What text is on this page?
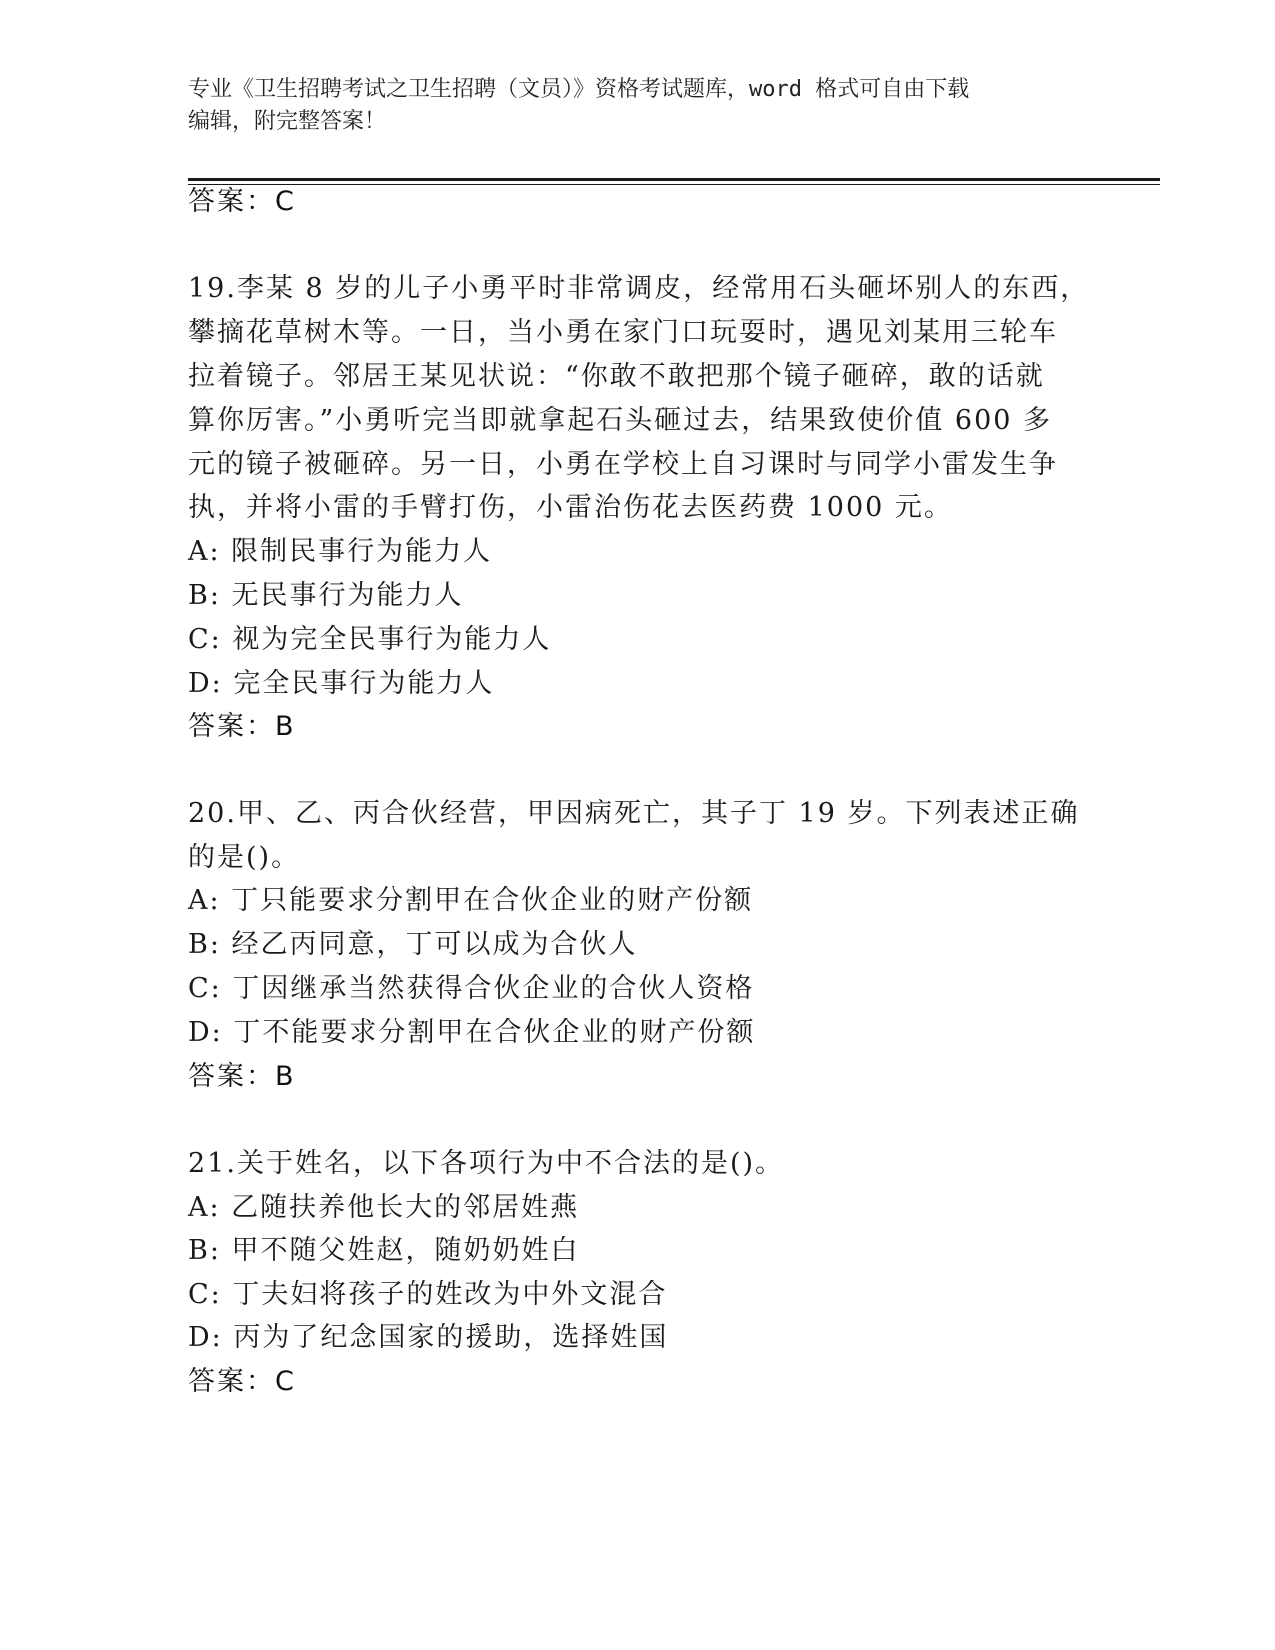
专业《卫生招聘考试之卫生招聘（文员）》资格考试题库，word 格式可自由下载
编辑，附完整答案！
答案：C
19.李某 8 岁的儿子小勇平时非常调皮，经常用石头砸坏别人的东西，
攀摘花草树木等。一日，当小勇在家门口玩耍时，遇见刘某用三轮车
拉着镜子。邻居王某见状说：“你敢不敢把那个镜子砸碎，敢的话就
算你厉害。”小勇听完当即就拿起石头砸过去，结果致使价值 600 多
元的镜子被砸碎。另一日，小勇在学校上自习课时与同学小雷发生争
执，并将小雷的手臂打伤，小雷治伤花去医药费 1000 元。
A: 限制民事行为能力人
B: 无民事行为能力人
C: 视为完全民事行为能力人
D: 完全民事行为能力人
答案：B
20.甲、乙、丙合伙经营，甲因病死亡，其子丁 19 岁。下列表述正确
的是()。
A: 丁只能要求分割甲在合伙企业的财产份额
B: 经乙丙同意，丁可以成为合伙人
C: 丁因继承当然获得合伙企业的合伙人资格
D: 丁不能要求分割甲在合伙企业的财产份额
答案：B
21.关于姓名，以下各项行为中不合法的是()。
A: 乙随扶养他长大的邻居姓燕
B: 甲不随父姓赵，随奶奶姓白
C: 丁夫妇将孩子的姓改为中外文混合
D: 丙为了纪念国家的援助，选择姓国
答案：C
